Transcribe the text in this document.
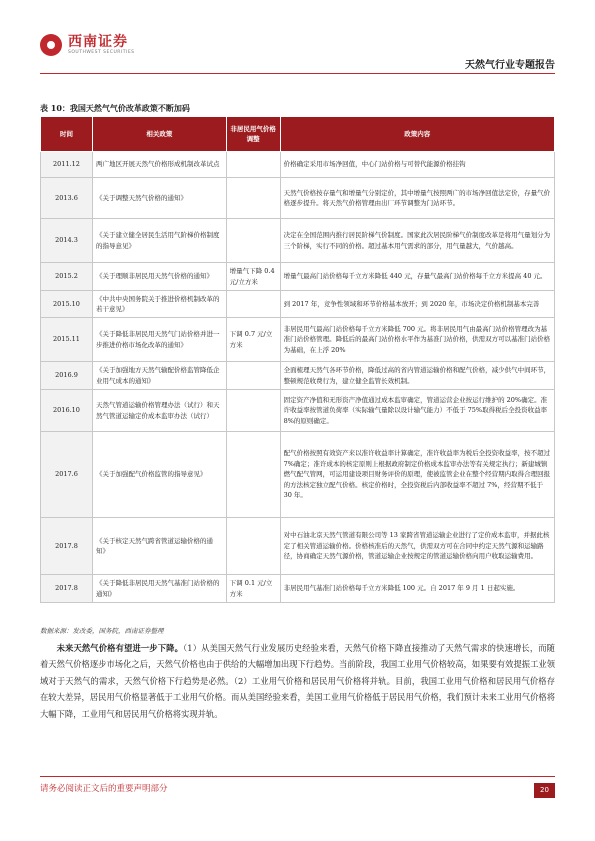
西南证券
SOUTHWEST SECURITIES
天然气行业专题报告
表 10：我国天然气气价改革政策不断加码
时间	相关政策	非居民用气价格调整	政策内容
2011.12	两广地区开展天然气价格形成机制改革试点		价格确定采用市场净回值，中心门站价格与可替代能源价格挂钩
2013.6	《关于调整天然气价格的通知》		天然气价格按存量气和增量气分别定价，其中增量气按照两广的市场净回值法定价，存量气价格逐步提升。将天然气价格管理由出厂环节调整为门站环节。
2014.3	《关于建立健全居民生活用气阶梯价格制度的指导意见》		决定在全国范围内推行居民阶梯气价制度。国家此次居民阶梯气价制度改革是将用气量划分为三个阶梯，实行不同的价格。超过基本用气需求的部分，用气量越大，气价越高。
2015.2	《关于理顺非居民用天然气价格的通知》	增量气下降 0.4元/立方米	增量气最高门站价格每千立方米降低 440 元，存量气最高门站价格每千立方米提高 40 元。
2015.10	《中共中央国务院关于推进价格机制改革的若干意见》		到 2017 年，竞争性领域和环节价格基本放开；到 2020 年，市场决定价格机制基本完善
2015.11	《关于降低非居民用天然气门站价格并进一步推进价格市场化改革的通知》	下调 0.7 元/立方米	非居民用气最高门站价格每千立方米降低 700 元。将非居民用气由最高门站价格管理改为基准门站价格管理。降低后的最高门站价格水平作为基准门站价格，供需双方可以基准门站价格为基础，在上浮 20%
2016.9	《关于加强地方天然气输配价格监管降低企业用气成本的通知》		全面梳理天然气各环节价格，降低过高的省内管道运输价格和配气价格，减少供气中间环节，整顿规范收费行为，建立健全监管长效机制。
2016.10	天然气管道运输价格管理办法（试行）和天然气管道运输定价成本监审办法（试行）		固定资产净值和无形资产净值通过成本监审确定，管道运营企业按运行维护的 20%确定。准许收益率按管道负荷率（实际输气量除以设计输气能力）不低于 75%取得税后全投资收益率 8%的原则确定。
2017.6	《关于加强配气价格监管的指导意见》		配气价格按照有效资产来以准许收益率计算确定，准许收益率为税后全投资收益率，按不超过 7%确定；准许成本的核定原则上根据政府制定价格成本监审办法等有关规定执行；新建城镇燃气配气管网，可运用建设项目财务评价的原理，使被监管企业在整个经营期内取得合理回报的方法核定独立配气价格。核定价格时，全投资税后内部收益率不超过 7%，经营期不低于 30 年。
2017.8	《关于核定天然气跨省管道运输价格的通知》		对中石油北京天然气管道有限公司等 13 家跨省管道运输企业进行了定价成本监审，并据此核定了相关管道运输价格。价格核准后的天然气，供需双方可在合同中约定天然气源和运输路径，协商确定天然气源价格，管道运输企业按规定的管道运输价格向用户收取运输费用。
2017.8	《关于降低非居民用天然气基准门站价格的通知》	下调 0.1 元/立方米	非居民用气基准门站价格每千立方米降低 100 元。自 2017 年 9 月 1 日起实施。
数据来源：发改委，国务院，西南证券整理

未来天然气价格有望进一步下降。（1）从美国天然气行业发展历史经验来看，天然气价格下降直接推动了天然气需求的快速增长，而随着天然气价格逐步市场化之后，天然气价格也由于供给的大幅增加出现下行趋势。当前阶段，我国工业用气价格较高，如果要有效提振工业领域对于天然气的需求，天然气价格下行趋势是必然。（2）工业用气价格和居民用气价格将并轨。目前，我国工业用气价格和居民用气价格存在较大差异，居民用气价格显著低于工业用气价格。而从美国经验来看，美国工业用气价格低于居民用气价格，我们预计未来工业用气价格将大幅下降，工业用气和居民用气价格将实现并轨。

请务必阅读正文后的重要声明部分	20
